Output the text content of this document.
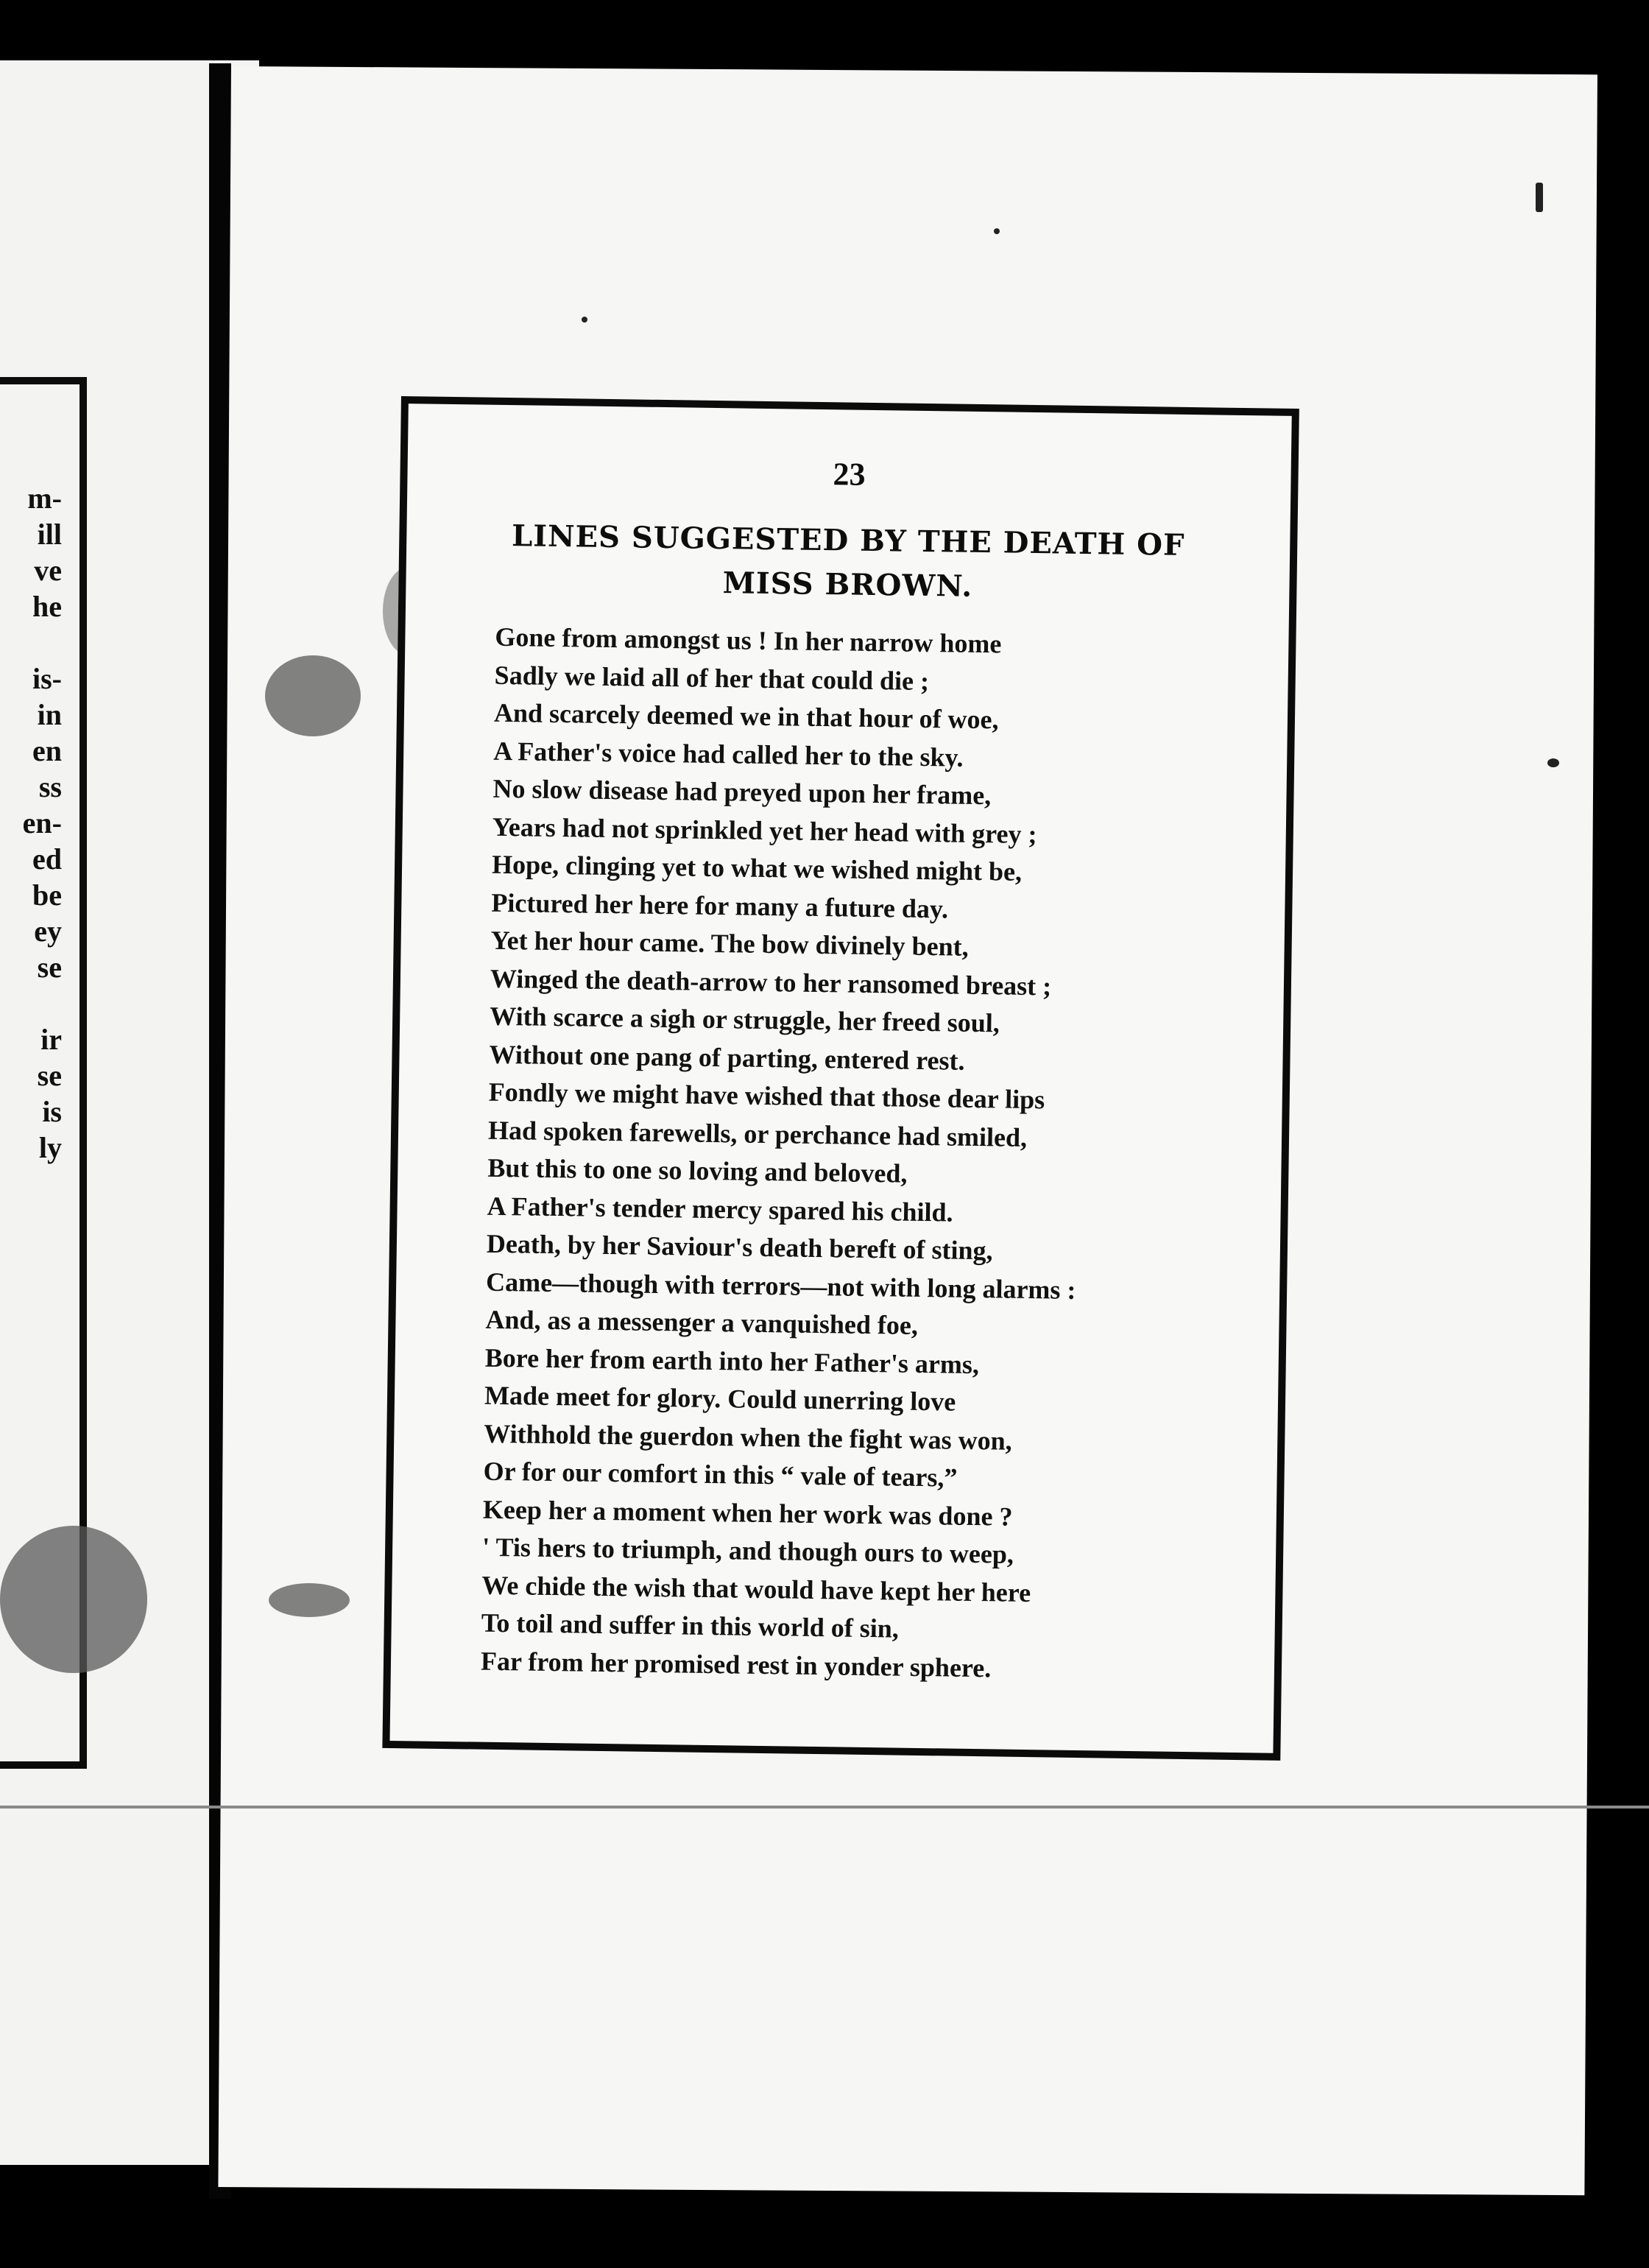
m-
ill
ve
he
is-
in
en
ss
en-
ed
be
ey
se
ir
se
is
ly
23
LINES SUGGESTED BY THE DEATH OF
MISS BROWN.
Gone from amongst us ! In her narrow home
Sadly we laid all of her that could die ;
And scarcely deemed we in that hour of woe,
A Father's voice had called her to the sky.
No slow disease had preyed upon her frame,
Years had not sprinkled yet her head with grey ;
Hope, clinging yet to what we wished might be,
Pictured her here for many a future day.
Yet her hour came. The bow divinely bent,
Winged the death-arrow to her ransomed breast ;
With scarce a sigh or struggle, her freed soul,
Without one pang of parting, entered rest.
Fondly we might have wished that those dear lips
Had spoken farewells, or perchance had smiled,
But this to one so loving and beloved,
A Father's tender mercy spared his child.
Death, by her Saviour's death bereft of sting,
Came—though with terrors—not with long alarms :
And, as a messenger a vanquished foe,
Bore her from earth into her Father's arms,
Made meet for glory. Could unerring love
Withhold the guerdon when the fight was won,
Or for our comfort in this “ vale of tears,”
Keep her a moment when her work was done ?
' Tis hers to triumph, and though ours to weep,
We chide the wish that would have kept her here
To toil and suffer in this world of sin,
Far from her promised rest in yonder sphere.
